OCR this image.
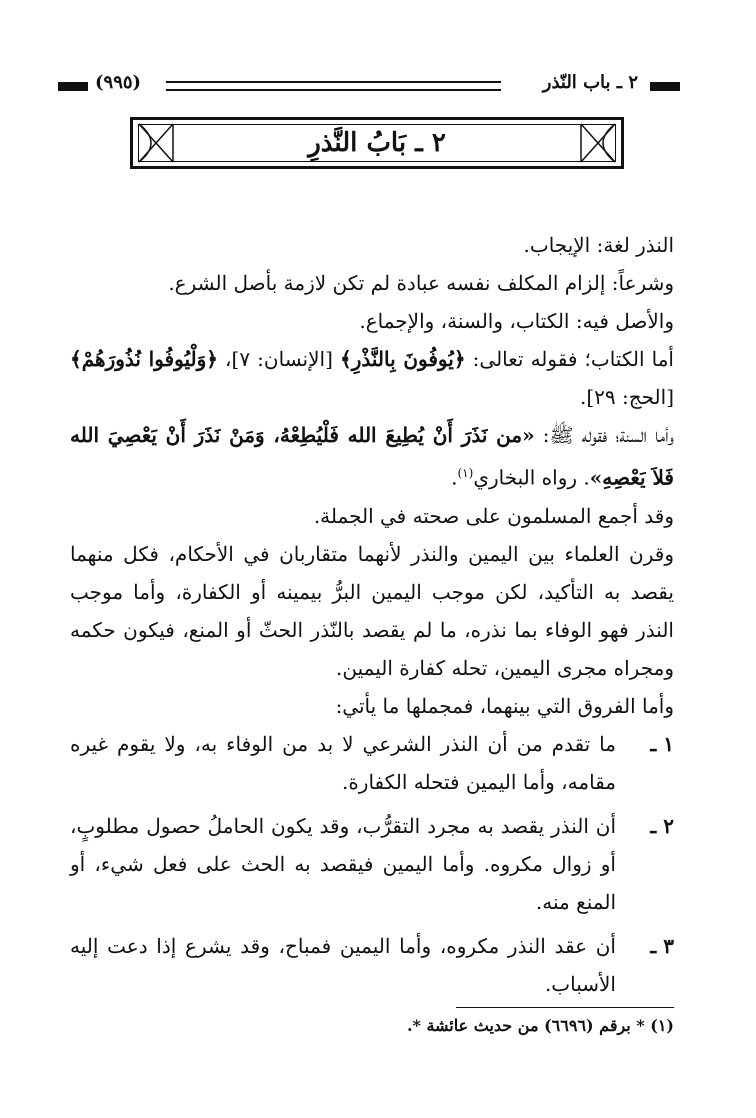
(٩٩٥)	٢ ـ باب النّذر
٢ ـ بَابُ النَّذرِ

النذر لغة: الإيجاب.

وشرعاً: إلزام المكلف نفسه عبادة لم تكن لازمة بأصل الشرع.

والأصل فيه: الكتاب، والسنة، والإجماع.

أما الكتاب؛ فقوله تعالى: ﴿يُوفُونَ بِالنَّذْرِ﴾ [الإنسان: ٧]، ﴿وَلْيُوفُوا نُذُورَهُمْ﴾ [الحج: ٢٩].

وأما السنة؛ فقوله ﷺ: «من نَذَرَ أَنْ يُطِيعَ الله فَلْيُطِعْهُ، وَمَنْ نَذَرَ أَنْ يَعْصِيَ الله فَلاَ يَعْصِهِ». رواه البخاري$^{(١)}$.

وقد أجمع المسلمون على صحته في الجملة.

وقرن العلماء بين اليمين والنذر لأنهما متقاربان في الأحكام، فكل منهما يقصد به التأكيد، لكن موجب اليمين البرُّ بيمينه أو الكفارة، وأما موجب النذر فهو الوفاء بما نذره، ما لم يقصد بالنّذر الحثّ أو المنع، فيكون حكمه ومجراه مجرى اليمين، تحله كفارة اليمين.

وأما الفروق التي بينهما، فمجملها ما يأتي:

١ ـ
ما تقدم من أن النذر الشرعي لا بد من الوفاء به، ولا يقوم غيره مقامه، وأما اليمين فتحله الكفارة.
٢ ـ
أن النذر يقصد به مجرد التقرُّب، وقد يكون الحاملُ حصول مطلوبٍ، أو زوال مكروه. وأما اليمين فيقصد به الحث على فعل شيء، أو المنع منه.
٣ ـ
أن عقد النذر مكروه، وأما اليمين فمباح، وقد يشرع إذا دعت إليه الأسباب.
(١) * برقم (٦٦٩٦) من حديث عائشة *.
